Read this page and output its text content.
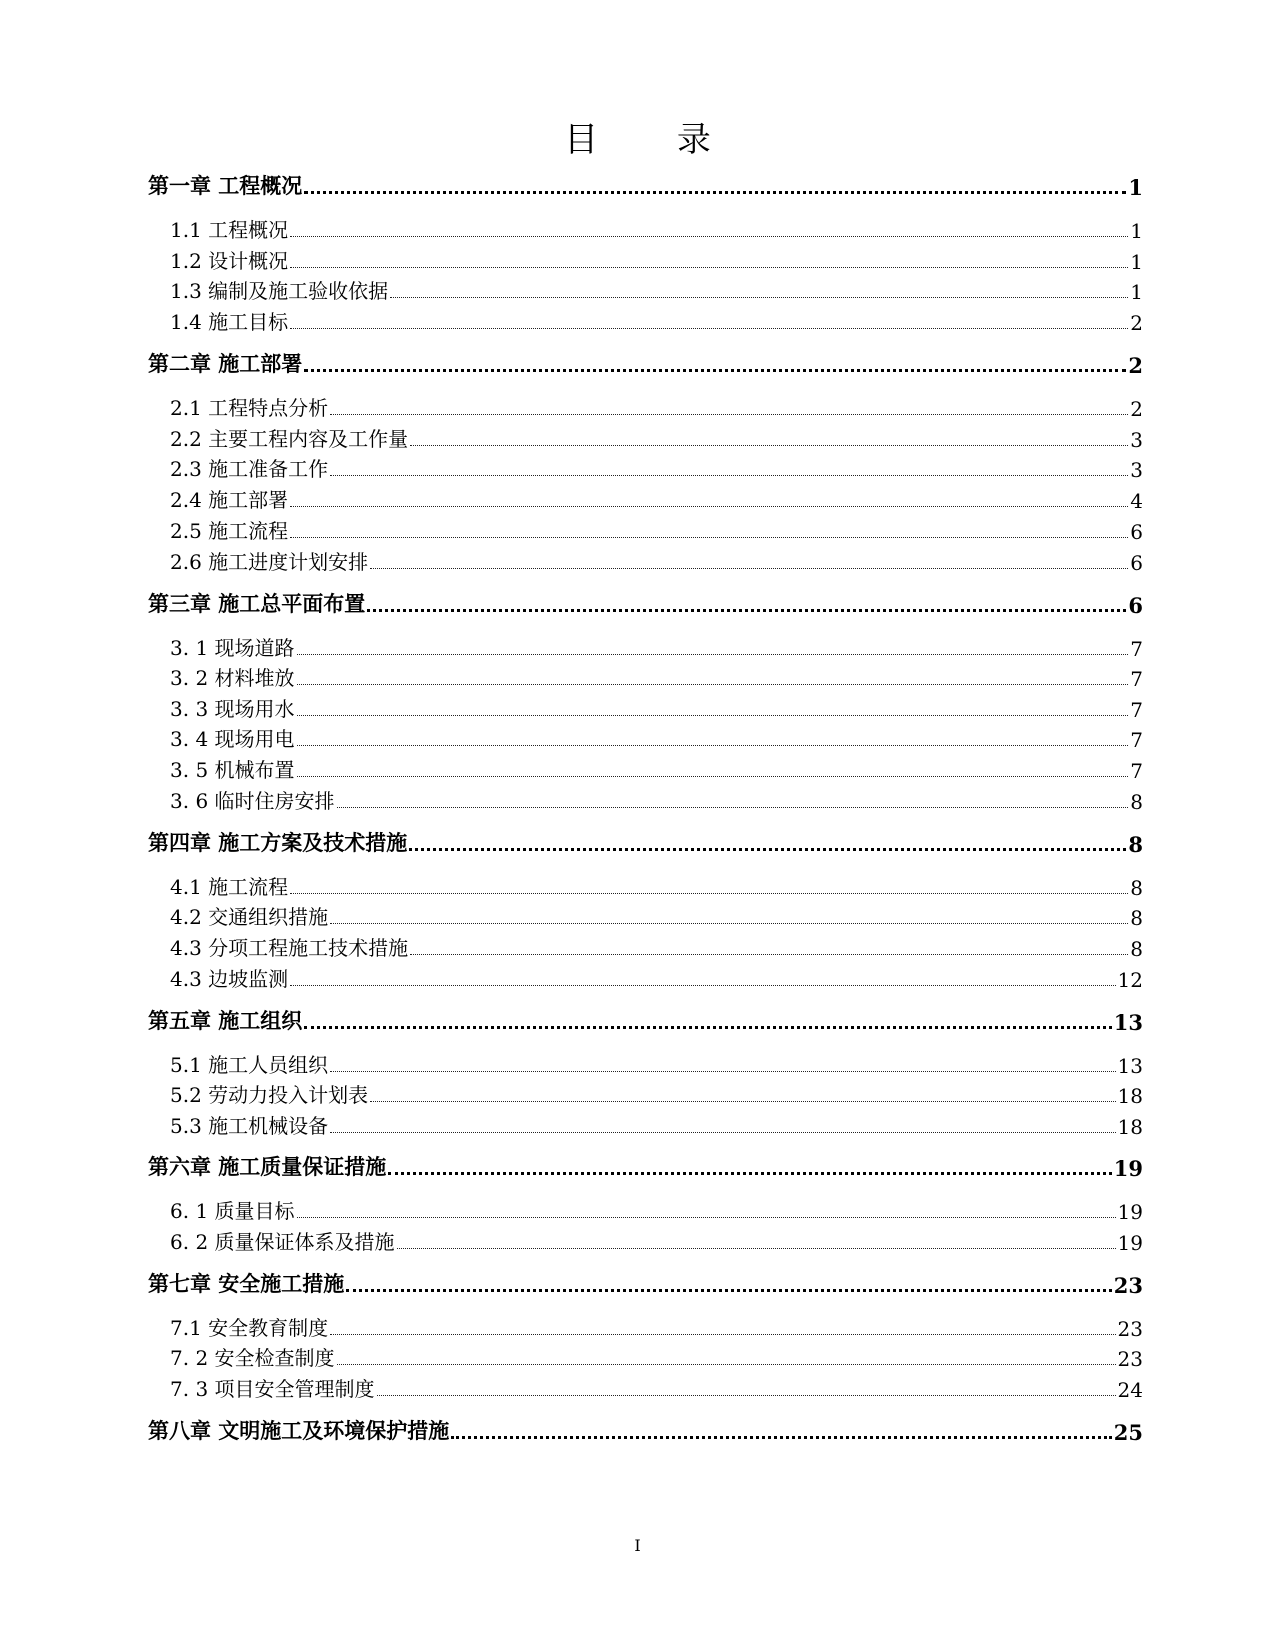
目 录
第一章 工程概况	1
1.1 工程概况	1
1.2 设计概况	1
1.3 编制及施工验收依据	1
1.4 施工目标	2
第二章 施工部署	2
2.1 工程特点分析	2
2.2 主要工程内容及工作量	3
2.3 施工准备工作	3
2.4 施工部署	4
2.5 施工流程	6
2.6 施工进度计划安排	6
第三章 施工总平面布置	6
3. 1 现场道路	7
3. 2 材料堆放	7
3. 3 现场用水	7
3. 4 现场用电	7
3. 5 机械布置	7
3. 6 临时住房安排	8
第四章 施工方案及技术措施	8
4.1 施工流程	8
4.2 交通组织措施	8
4.3 分项工程施工技术措施	8
4.3 边坡监测	12
第五章 施工组织	13
5.1 施工人员组织	13
5.2 劳动力投入计划表	18
5.3 施工机械设备	18
第六章 施工质量保证措施	19
6. 1 质量目标	19
6. 2 质量保证体系及措施	19
第七章 安全施工措施	23
7.1 安全教育制度	23
7. 2 安全检查制度	23
7. 3 项目安全管理制度	24
第八章 文明施工及环境保护措施	25
I
